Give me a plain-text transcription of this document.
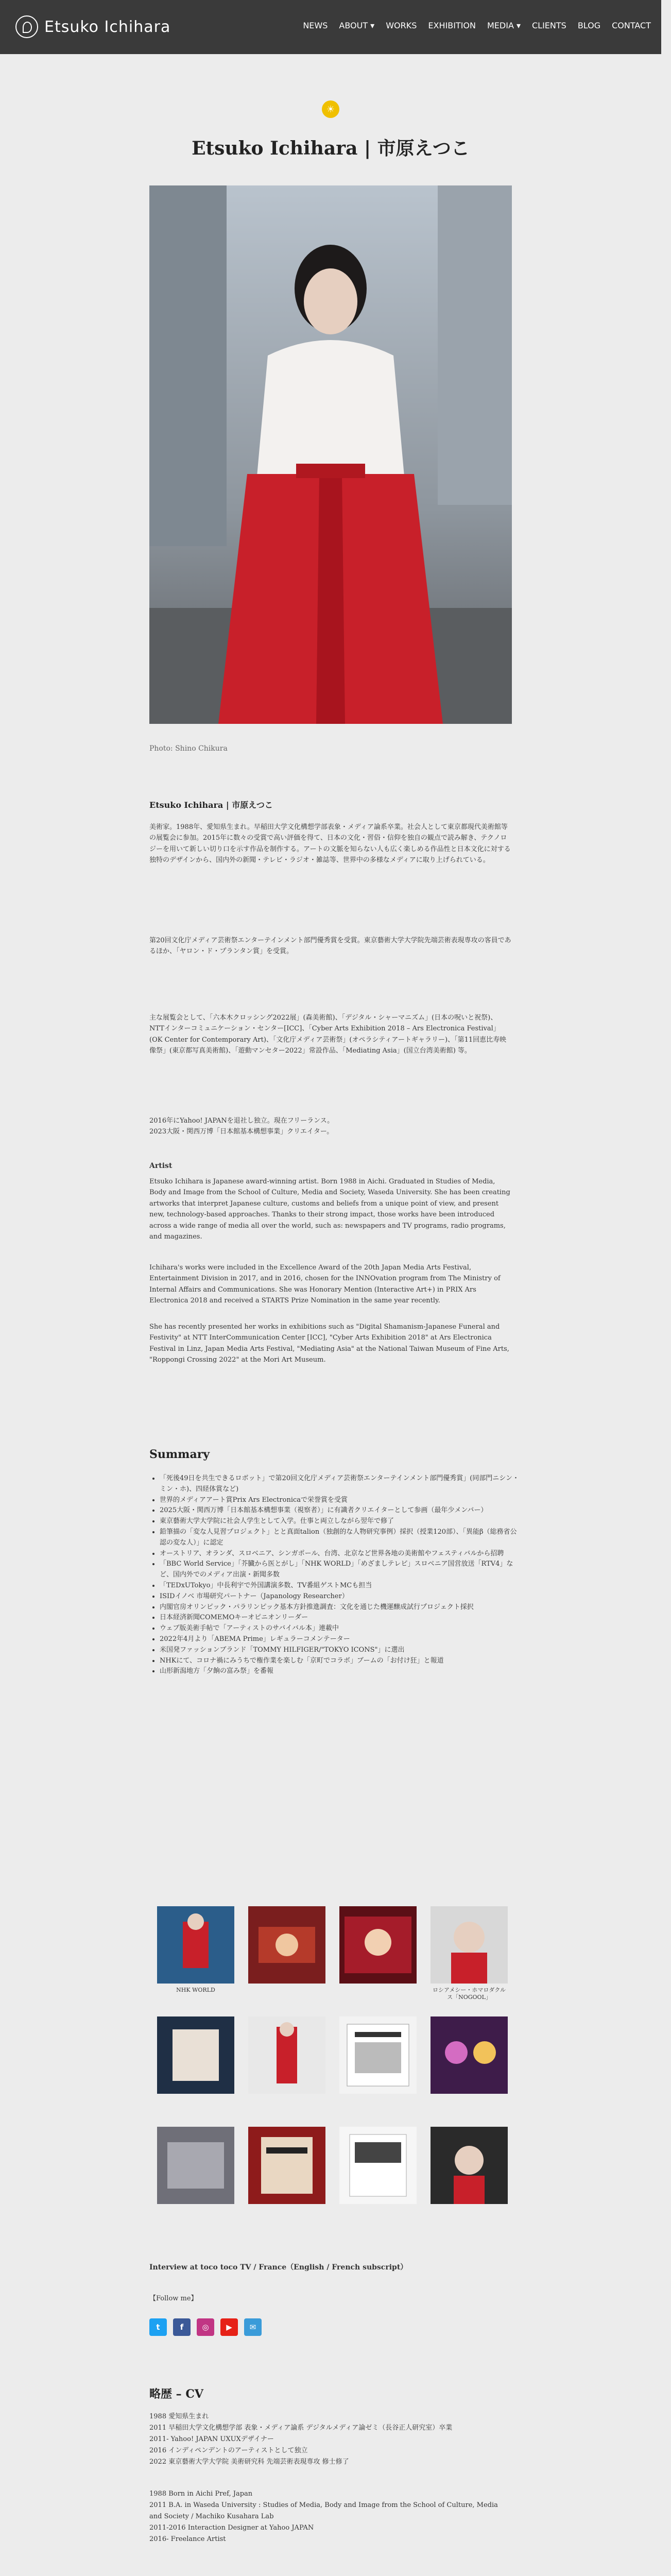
Etsuko Ichihara	NEWS ABOUT ▾ WORKS EXHIBITION MEDIA ▾ CLIENTS BLOG CONTACT
☀
Etsuko Ichihara | 市原えつこ
Photo: Shino Chikura
Etsuko Ichihara | 市原えつこ
美術家。1988年、愛知県生まれ。早稲田大学文化構想学部表象・メディア論系卒業。社会人として東京都現代美術館等の展覧会に参加。2015年に数々の受賞で高い評価を得て、日本の文化・習俗・信仰を独自の観点で読み解き、テクノロジーを用いて新しい切り口を示す作品を制作する。アートの文脈を知らない人も広く楽しめる作品性と日本文化に対する独特のデザインから、国内外の新聞・テレビ・ラジオ・雑誌等、世界中の多様なメディアに取り上げられている。
第20回文化庁メディア芸術祭エンターテインメント部門優秀賞を受賞。東京藝術大学大学院先端芸術表現専攻の客員であるほか、「ヤロン・ド・プランタン賞」を受賞。
主な展覧会として、「六本木クロッシング2022展」(森美術館)、「デジタル・シャーマニズム」(日本の呪いと祝祭)、NTTインターコミュニケーション・センター[ICC]、「Cyber Arts Exhibition 2018 – Ars Electronica Festival」(OK Center for Contemporary Art)、「文化庁メディア芸術祭」(オペラシティアートギャラリー)、「第11回恵比寿映像祭」(東京都写真美術館)、「遊動マンセター2022」常設作品、「Mediating Asia」(国立台湾美術館) 等。
2016年にYahoo! JAPANを退社し独立。現在フリーランス。
2023大阪・関西万博「日本館基本構想事業」クリエイター。
Artist
Etsuko Ichihara is Japanese award-winning artist. Born 1988 in Aichi. Graduated in Studies of Media, Body and Image from the School of Culture, Media and Society, Waseda University. She has been creating artworks that interpret Japanese culture, customs and beliefs from a unique point of view, and present new, technology-based approaches. Thanks to their strong impact, those works have been introduced across a wide range of media all over the world, such as: newspapers and TV programs, radio programs, and magazines.
Ichihara's works were included in the Excellence Award of the 20th Japan Media Arts Festival, Entertainment Division in 2017, and in 2016, chosen for the INNOvation program from The Ministry of Internal Affairs and Communications. She was Honorary Mention (Interactive Art+) in PRIX Ars Electronica 2018 and received a STARTS Prize Nomination in the same year recently.
She has recently presented her works in exhibitions such as "Digital Shamanism-Japanese Funeral and Festivity" at NTT InterCommunication Center [ICC], "Cyber Arts Exhibition 2018" at Ars Electronica Festival in Linz, Japan Media Arts Festival, "Mediating Asia" at the National Taiwan Museum of Fine Arts, "Roppongi Crossing 2022" at the Mori Art Museum.
Summary
• 「死後49日を共生できるロボット」で第20回文化庁メディア芸術祭エンターテインメント部門優秀賞」(同部門ニシン・ミン・ホ)、四経体賞など)
• 世界的メディアアート賞Prix Ars Electronicaで栄誉賞を受賞
• 2025大阪・関西万博「日本館基本構想事業（視察者）」に有識者クリエイターとして参画（最年少メンバー）
• 東京藝術大学大学院に社会人学生として入学。仕事と両立しながら翌年で修了
• 鉛筆描の「変な人見習プロジェクト」とと真面talion（独創的な人物研究事例）採択（授業120部）、「異能β（総務省公認の変な人）」に認定
• オーストリア、オランダ、スロベニア、シンガポール、台湾、北京など世界各地の美術館やフェスティバルから招聘
• 「BBC World Service」「芥臓から医とがし」「NHK WORLD」「めざましテレビ」スロベニア国営放送「RTV4」など、国内外でのメディア出演・新聞多数
• 「TEDxUTokyo」中長利宇で外国講演多数、TV番組ゲストMCも担当
• ISIDイノベ 市場研究パートナー（Japanology Researcher）
• 内閣官房オリンピック・パラリンピック基本方針推進調査：文化を通じた機運醸成試行プロジェクト採択
• 日本経済新聞COMEMOキーオピニオンリーダー
• ウェブ版美術手帖で「アーティストのサバイバル本」連載中
• 2022年4月より「ABEMA Prime」レギュラーコメンテーター
• 米国発ファッションブランド「TOMMY HILFIGER/"TOKYO ICONS"」に選出
• NHKにて、コロナ禍にみうちで権作業を楽しむ「京町でコラボ」ブームの「お付け狂」と報道
• 山形新潟地方「夕餉の富み祭」を番報
NHK WORLD	ロシアメシー・ホマロダクルス「NOGOOL」
Interview at toco toco TV / France（English / French subscript）
【Follow me】
t	f	◎	▶	✉
略歴 – CV
1988 愛知県生まれ
2011 早稲田大学文化構想学部 表象・メディア論系 デジタルメディア論ゼミ（長谷正人研究室）卒業
2011- Yahoo! JAPAN UXUXデザイナー
2016 インディペンデントのアーティストとして独立
2022 東京藝術大学大学院 美術研究科 先端芸術表現専攻 修士修了
1988 Born in Aichi Pref, Japan
2011 B.A. in Waseda University : Studies of Media, Body and Image from the School of Culture, Media and Society / Machiko Kusahara Lab
2011-2016 Interaction Designer at Yahoo JAPAN
2016- Freelance Artist
